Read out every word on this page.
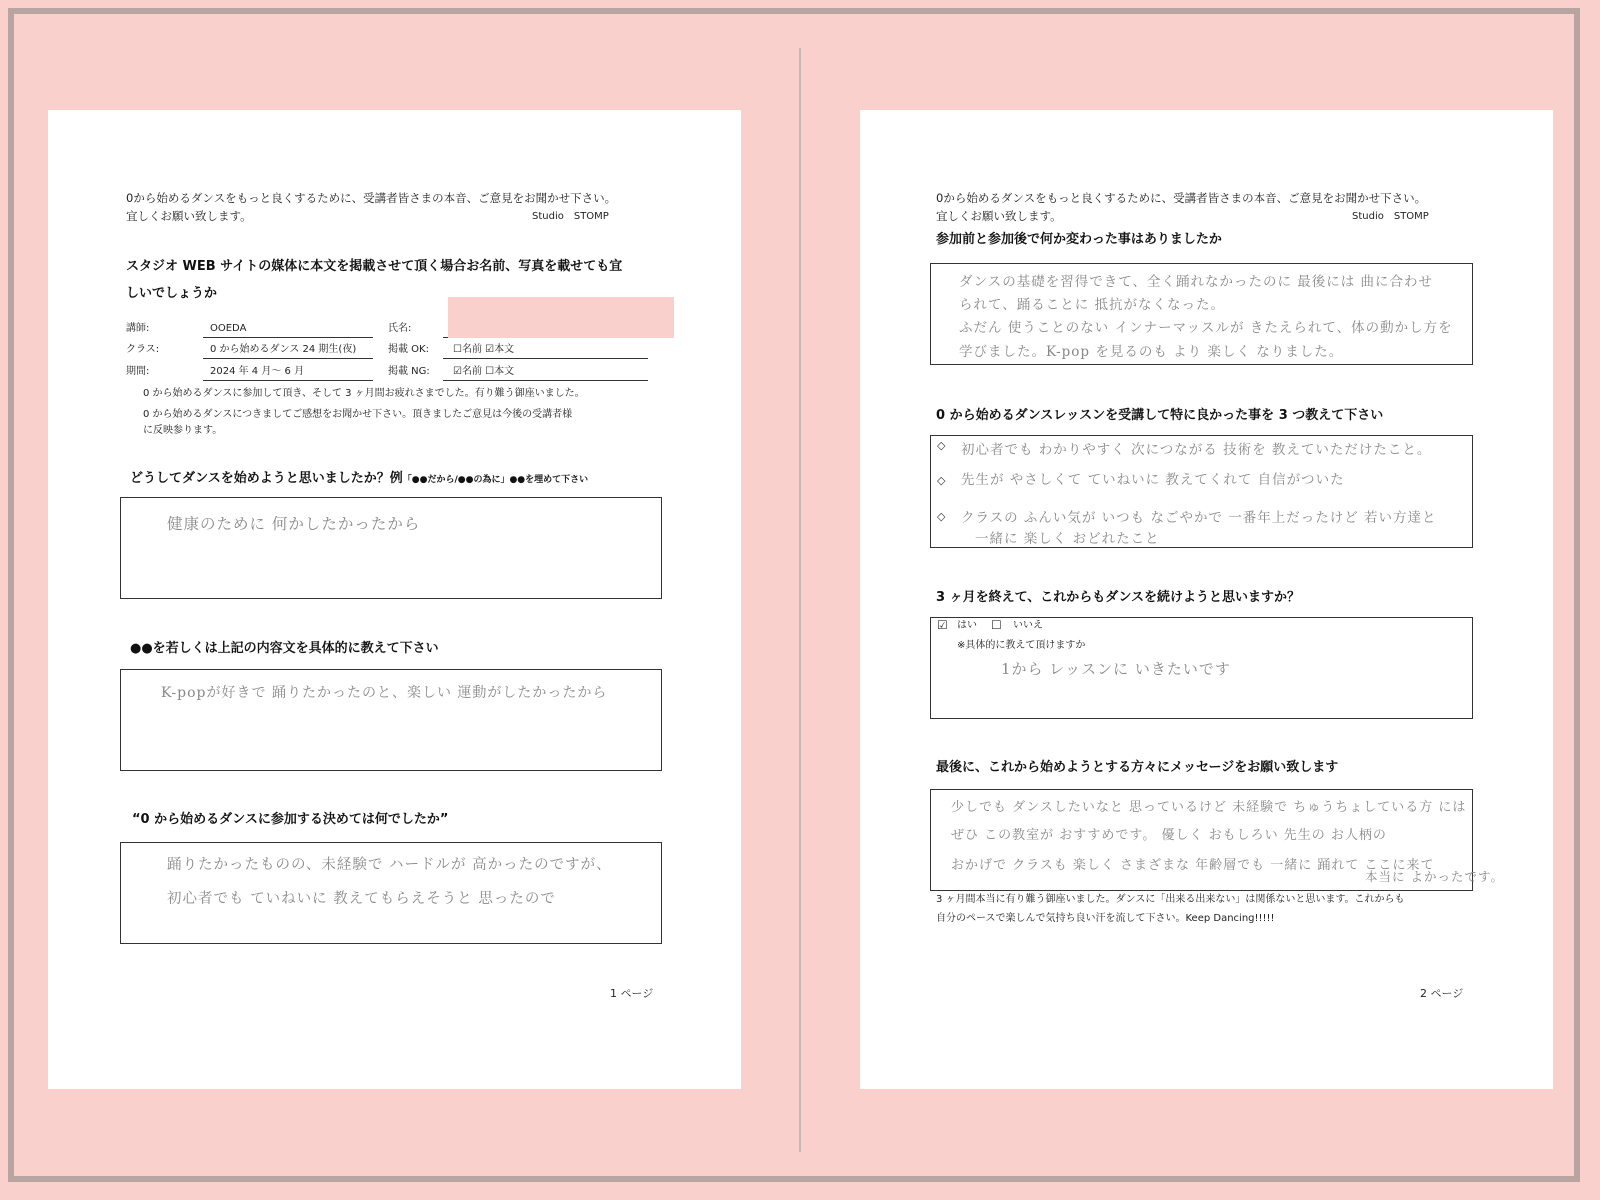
0から始めるダンスをもっと良くするために、受講者皆さまの本音、ご意見をお聞かせ下さい。
宜しくお願い致します。	Studio　STOMP
スタジオ WEB サイトの媒体に本文を掲載させて頂く場合お名前、写真を載せても宜
しいでしょうか
講師:	OOEDA
クラス:	0 から始めるダンス 24 期生(夜)
期間:	2024 年 4 月～ 6 月
氏名:
掲載 OK: ☐名前 ☑本文
掲載 NG: ☑名前 ☐本文
0 から始めるダンスに参加して頂き、そして 3 ヶ月間お疲れさまでした。有り難う御座いました。
0 から始めるダンスにつきましてご感想をお聞かせ下さい。頂きましたご意見は今後の受講者様
に反映参ります。
どうしてダンスを始めようと思いましたか？例「●●だから/●●の為に」●●を埋めて下さい
健康のために 何かしたかったから
●●を若しくは上記の内容文を具体的に教えて下さい
K-popが好きで 踊りたかったのと、楽しい 運動がしたかったから
“0 から始めるダンスに参加する決めては何でしたか”
踊りたかったものの、未経験で ハードルが 高かったのですが、
初心者でも ていねいに 教えてもらえそうと 思ったので
1 ページ
0から始めるダンスをもっと良くするために、受講者皆さまの本音、ご意見をお聞かせ下さい。
宜しくお願い致します。	Studio　STOMP
参加前と参加後で何か変わった事はありましたか
ダンスの基礎を習得できて、全く踊れなかったのに 最後には 曲に合わせ
られて、踊ることに 抵抗がなくなった。
ふだん 使うことのない インナーマッスルが きたえられて、体の動かし方を
学びました。K-pop を見るのも より 楽しく なりました。
0 から始めるダンスレッスンを受講して特に良かった事を 3 つ教えて下さい
◇ 初心者でも わかりやすく 次につながる 技術を 教えていただけたこと。
◇ 先生が やさしくて ていねいに 教えてくれて 自信がついた
◇ クラスの ふんい気が いつも なごやかで 一番年上だったけど 若い方達と
一緒に 楽しく おどれたこと
3 ヶ月を終えて、これからもダンスを続けようと思いますか？
☑ はい ☐ いいえ
※具体的に教えて頂けますか
1から レッスンに いきたいです
最後に、これから始めようとする方々にメッセージをお願い致します
少しでも ダンスしたいなと 思っているけど 未経験で ちゅうちょしている方 には
ぜひ この教室が おすすめです。 優しく おもしろい 先生の お人柄の
おかげで クラスも 楽しく さまざまな 年齢層でも 一緒に 踊れて ここに来て
本当に よかったです。
3 ヶ月間本当に有り難う御座いました。ダンスに「出来る出来ない」は関係ないと思います。これからも
自分のペースで楽しんで気持ち良い汗を流して下さい。Keep Dancing!!!!!
2 ページ
